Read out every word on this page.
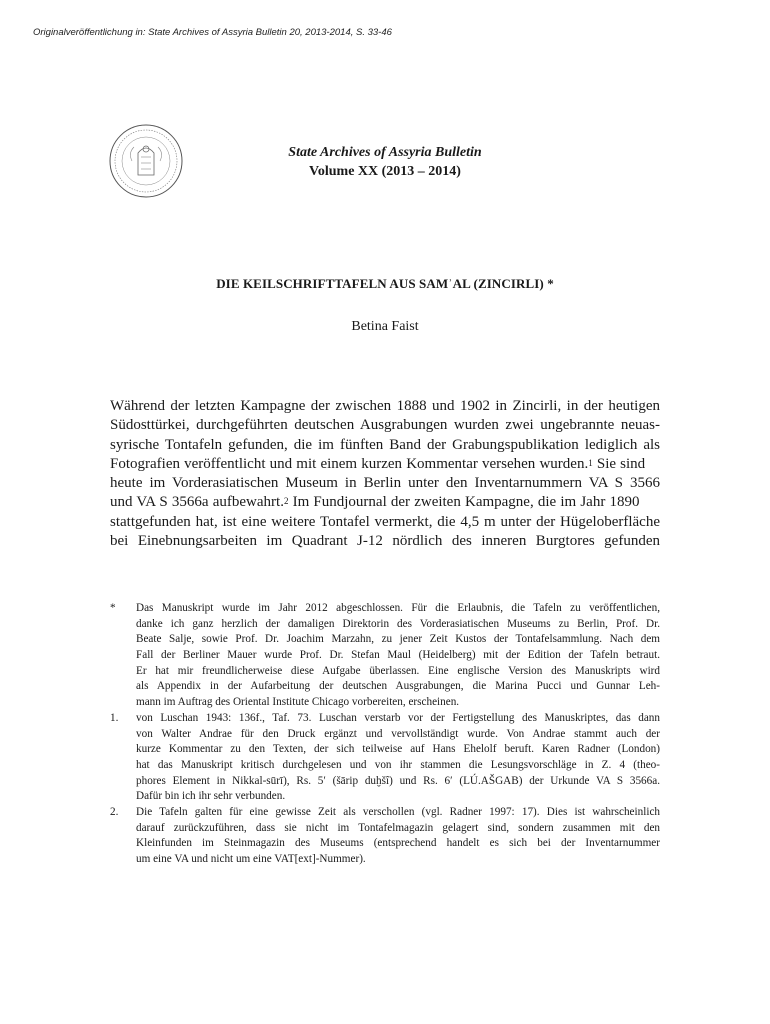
Originalveröffentlichung in: State Archives of Assyria Bulletin 20, 2013-2014, S. 33-46
State Archives of Assyria Bulletin
Volume XX (2013 – 2014)
DIE KEILSCHRIFTTAFELN AUS SAMʾAL (ZINCIRLI) *
Betina Faist
Während der letzten Kampagne der zwischen 1888 und 1902 in Zincirli, in der heutigen
Südosttürkei, durchgeführten deutschen Ausgrabungen wurden zwei ungebrannte neuas-
syrische Tontafeln gefunden, die im fünften Band der Grabungspublikation lediglich als
Fotografien veröffentlicht und mit einem kurzen Kommentar versehen wurden.$^1$ Sie sind
heute im Vorderasiatischen Museum in Berlin unter den Inventarnummern VA S 3566
und VA S 3566a aufbewahrt.$^2$ Im Fundjournal der zweiten Kampagne, die im Jahr 1890
stattgefunden hat, ist eine weitere Tontafel vermerkt, die 4,5 m unter der Hügeloberfläche
bei Einebnungsarbeiten im Quadrant J-12 nördlich des inneren Burgtores gefunden
*	Das Manuskript wurde im Jahr 2012 abgeschlossen. Für die Erlaubnis, die Tafeln zu veröffentlichen,
danke ich ganz herzlich der damaligen Direktorin des Vorderasiatischen Museums zu Berlin, Prof. Dr.
Beate Salje, sowie Prof. Dr. Joachim Marzahn, zu jener Zeit Kustos der Tontafelsammlung. Nach dem
Fall der Berliner Mauer wurde Prof. Dr. Stefan Maul (Heidelberg) mit der Edition der Tafeln betraut.
Er hat mir freundlicherweise diese Aufgabe überlassen. Eine englische Version des Manuskripts wird
als Appendix in der Aufarbeitung der deutschen Ausgrabungen, die Marina Pucci und Gunnar Leh-
mann im Auftrag des Oriental Institute Chicago vorbereiten, erscheinen.
1.	von Luschan 1943: 136f., Taf. 73. Luschan verstarb vor der Fertigstellung des Manuskriptes, das dann
von Walter Andrae für den Druck ergänzt und vervollständigt wurde. Von Andrae stammt auch der
kurze Kommentar zu den Texten, der sich teilweise auf Hans Ehelolf beruft. Karen Radner (London)
hat das Manuskript kritisch durchgelesen und von ihr stammen die Lesungsvorschläge in Z. 4 (theo-
phores Element in Nikkal-sūrī), Rs. 5′ (šārip duḫšî) und Rs. 6′ (LÚ.AŠGAB) der Urkunde VA S 3566a.
Dafür bin ich ihr sehr verbunden.
2.	Die Tafeln galten für eine gewisse Zeit als verschollen (vgl. Radner 1997: 17). Dies ist wahrscheinlich
darauf zurückzuführen, dass sie nicht im Tontafelmagazin gelagert sind, sondern zusammen mit den
Kleinfunden im Steinmagazin des Museums (entsprechend handelt es sich bei der Inventarnummer
um eine VA und nicht um eine VAT[ext]-Nummer).
